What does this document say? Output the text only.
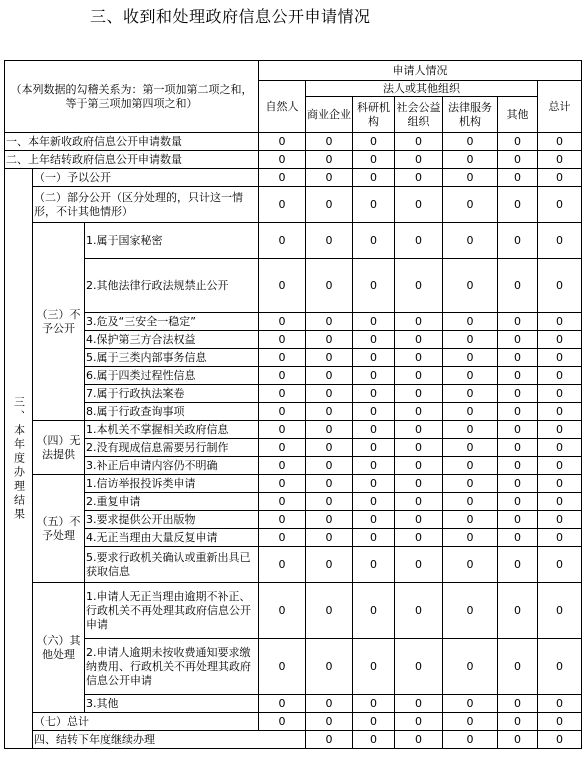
三、收到和处理政府信息公开申请情况
（本列数据的勾稽关系为：第一项加第二项之和，等于第三项加第四项之和）			申请人情况							
			自然人	法人或其他组织					总计	
				商业企业	科研机构	社会公益组织	法律服务机构	其他		
一、本年新收政府信息公开申请数量			0	0	0	0	0	0	0	
二、上年结转政府信息公开申请数量			0	0	0	0	0	0	0	
三、本年度办理结果	（一）予以公开		0	0	0	0	0	0	0	
	（二）部分公开（区分处理的，只计这一情形，不计其他情形）		0	0	0	0	0	0	0	
	（三）不予公开	1.属于国家秘密	0	0	0	0	0	0	0	
		2.其他法律行政法规禁止公开	0	0	0	0	0	0	0	
		3.危及“三安全一稳定”	0	0	0	0	0	0	0	
		4.保护第三方合法权益	0	0	0	0	0	0	0	
		5.属于三类内部事务信息	0	0	0	0	0	0	0	
		6.属于四类过程性信息	0	0	0	0	0	0	0	
		7.属于行政执法案卷	0	0	0	0	0	0	0	
		8.属于行政查询事项	0	0	0	0	0	0	0	
	（四）无法提供	1.本机关不掌握相关政府信息	0	0	0	0	0	0	0	
		2.没有现成信息需要另行制作	0	0	0	0	0	0	0	
		3.补正后申请内容仍不明确	0	0	0	0	0	0	0	
	（五）不予处理	1.信访举报投诉类申请	0	0	0	0	0	0	0	
		2.重复申请	0	0	0	0	0	0	0	
		3.要求提供公开出版物	0	0	0	0	0	0	0	
		4.无正当理由大量反复申请	0	0	0	0	0	0	0	
		5.要求行政机关确认或重新出具已获取信息	0	0	0	0	0	0	0	
	（六）其他处理	1.申请人无正当理由逾期不补正、行政机关不再处理其政府信息公开申请	0	0	0	0	0	0	0	
		2.申请人逾期未按收费通知要求缴纳费用、行政机关不再处理其政府信息公开申请	0	0	0	0	0	0	0	
		3.其他	0	0	0	0	0	0	0	
	（七）总计		0	0	0	0	0	0	0	
	四、结转下年度继续办理			0	0	0	0	0	0	
